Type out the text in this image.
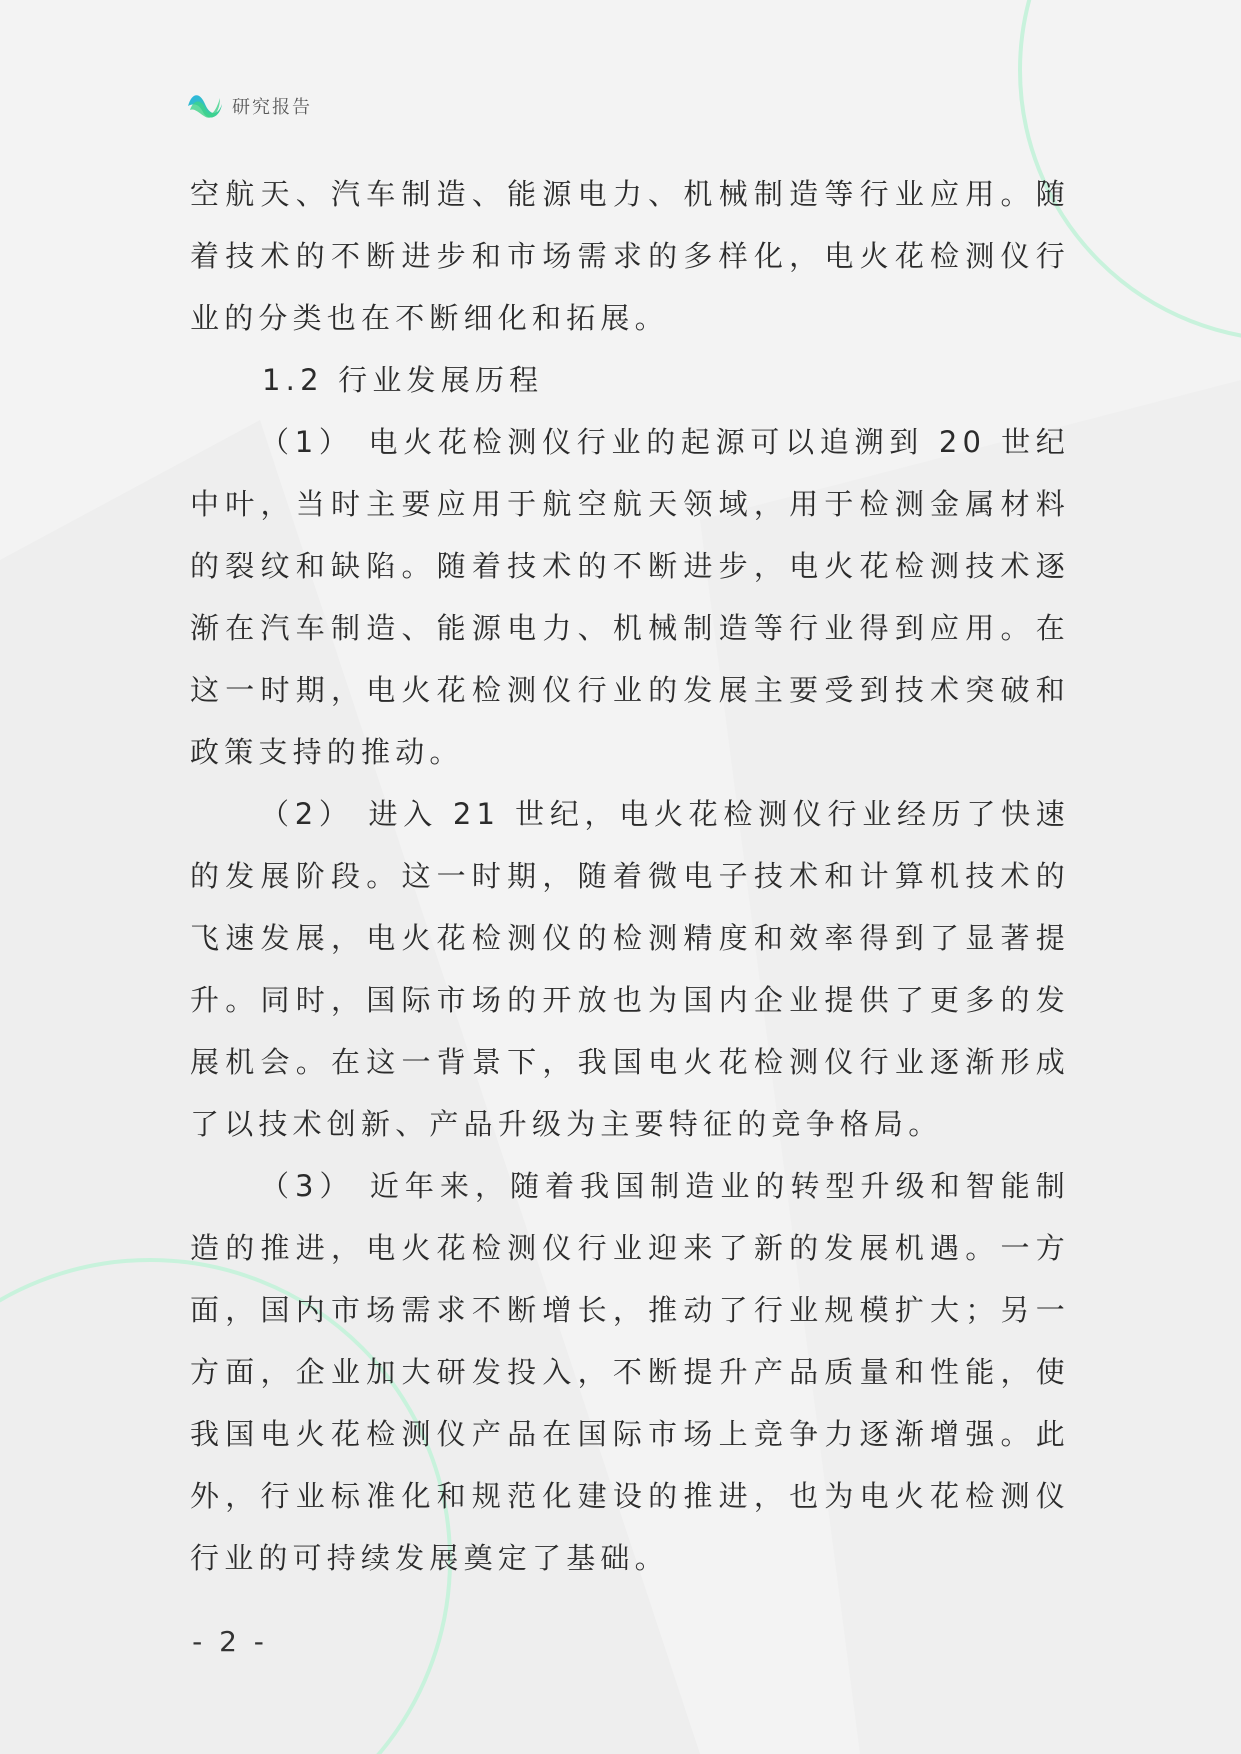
研究报告

空航天、汽车制造、能源电力、机械制造等行业应用。随着技术的不断进步和市场需求的多样化，电火花检测仪行业的分类也在不断细化和拓展。

1.2 行业发展历程

（1） 电火花检测仪行业的起源可以追溯到 20 世纪中叶，当时主要应用于航空航天领域，用于检测金属材料的裂纹和缺陷。随着技术的不断进步，电火花检测技术逐渐在汽车制造、能源电力、机械制造等行业得到应用。在这一时期，电火花检测仪行业的发展主要受到技术突破和政策支持的推动。

（2） 进入 21 世纪，电火花检测仪行业经历了快速的发展阶段。这一时期，随着微电子技术和计算机技术的飞速发展，电火花检测仪的检测精度和效率得到了显著提升。同时，国际市场的开放也为国内企业提供了更多的发展机会。在这一背景下，我国电火花检测仪行业逐渐形成了以技术创新、产品升级为主要特征的竞争格局。

（3） 近年来，随着我国制造业的转型升级和智能制造的推进，电火花检测仪行业迎来了新的发展机遇。一方面，国内市场需求不断增长，推动了行业规模扩大；另一方面，企业加大研发投入，不断提升产品质量和性能，使我国电火花检测仪产品在国际市场上竞争力逐渐增强。此外，行业标准化和规范化建设的推进，也为电火花检测仪行业的可持续发展奠定了基础。

- 2 -
